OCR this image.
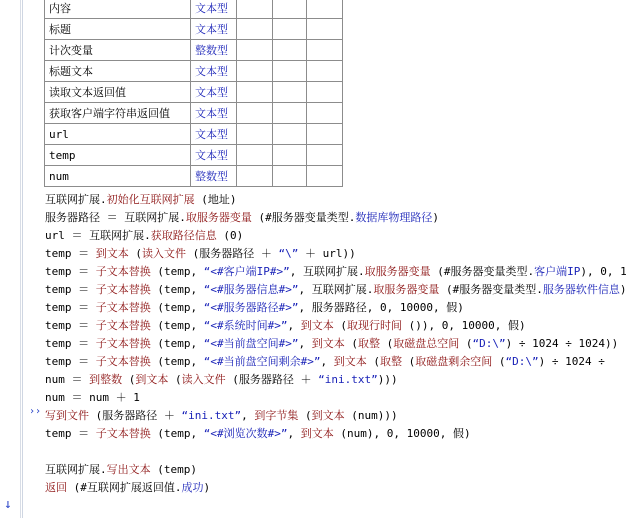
内容	文本型			
标题	文本型			
计次变量	整数型			
标题文本	文本型			
读取文本返回值	文本型			
获取客户端字符串返回值	文本型			
url	文本型			
temp	文本型			
num	整数型			
互联网扩展.初始化互联网扩展 (地址)
服务器路径 ＝ 互联网扩展.取服务器变量 (#服务器变量类型.数据库物理路径)
url ＝ 互联网扩展.获取路径信息 (0)
temp ＝ 到文本 (读入文件 (服务器路径 ＋ “\” ＋ url))
temp ＝ 子文本替换 (temp, “<#客户端IP#>”, 互联网扩展.取服务器变量 (#服务器变量类型.客户端IP), 0, 1
temp ＝ 子文本替换 (temp, “<#服务器信息#>”, 互联网扩展.取服务器变量 (#服务器变量类型.服务器软件信息)
temp ＝ 子文本替换 (temp, “<#服务器路径#>”, 服务器路径, 0, 10000, 假)
temp ＝ 子文本替换 (temp, “<#系统时间#>”, 到文本 (取现行时间 ()), 0, 10000, 假)
temp ＝ 子文本替换 (temp, “<#当前盘空间#>”, 到文本 (取整 (取磁盘总空间 (“D:\”) ÷ 1024 ÷ 1024))
temp ＝ 子文本替换 (temp, “<#当前盘空间剩余#>”, 到文本 (取整 (取磁盘剩余空间 (“D:\”) ÷ 1024 ÷
num ＝ 到整数 (到文本 (读入文件 (服务器路径 ＋ “ini.txt”)))
num ＝ num ＋ 1
写到文件 (服务器路径 ＋ “ini.txt”, 到字节集 (到文本 (num)))
temp ＝ 子文本替换 (temp, “<#浏览次数#>”, 到文本 (num), 0, 10000, 假)
互联网扩展.写出文本 (temp)
返回 (#互联网扩展返回值.成功)
››
↓
